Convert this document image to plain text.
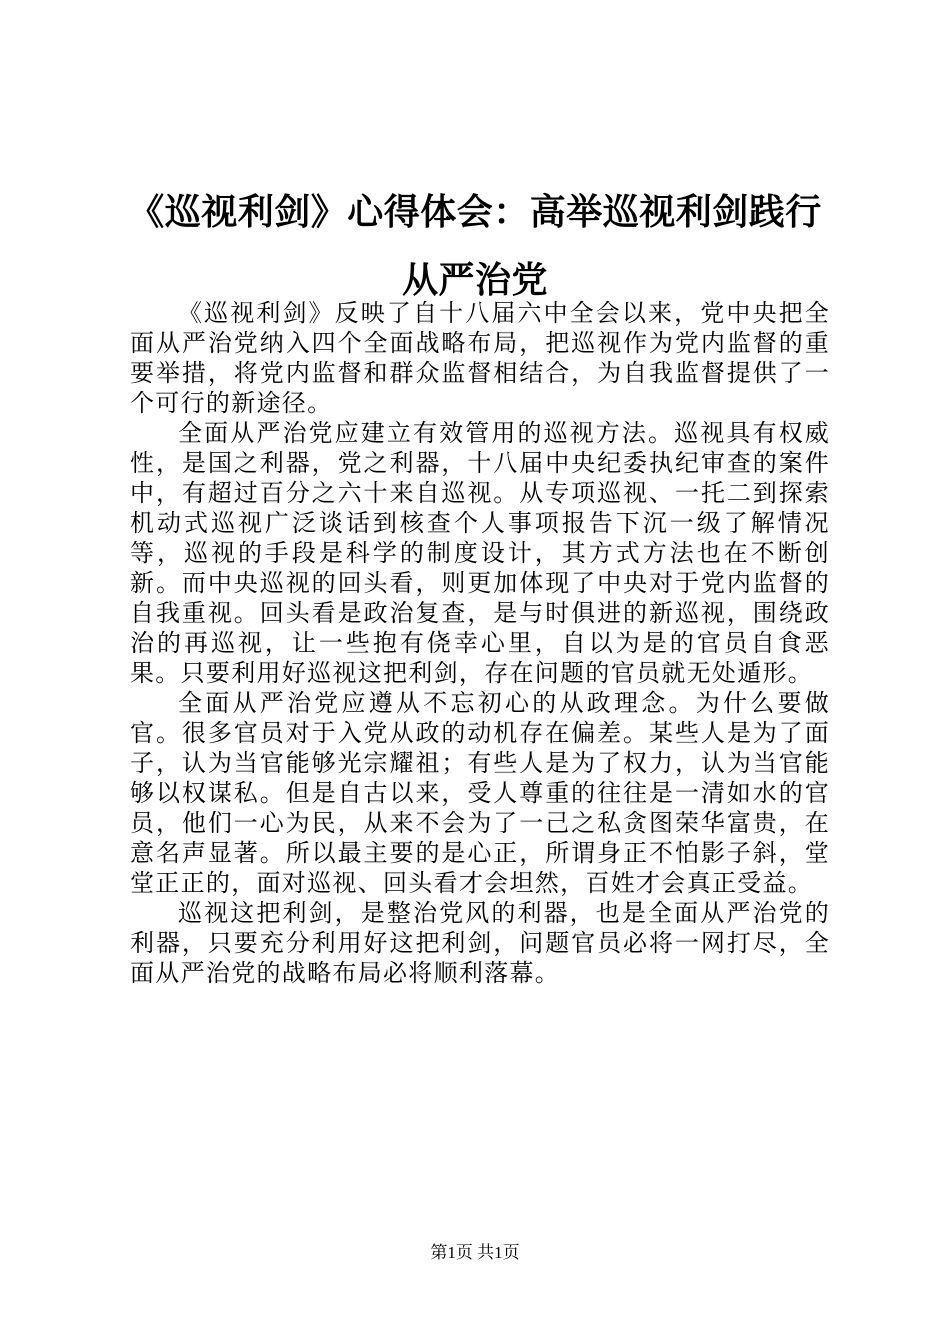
《巡视利剑》心得体会：高举巡视利剑践行从严治党

《巡视利剑》反映了自十八届六中全会以来，党中央把全面从严治党纳入四个全面战略布局，把巡视作为党内监督的重要举措，将党内监督和群众监督相结合，为自我监督提供了一个可行的新途径。

全面从严治党应建立有效管用的巡视方法。巡视具有权威性，是国之利器，党之利器，十八届中央纪委执纪审查的案件中，有超过百分之六十来自巡视。从专项巡视、一托二到探索机动式巡视广泛谈话到核查个人事项报告下沉一级了解情况等，巡视的手段是科学的制度设计，其方式方法也在不断创新。而中央巡视的回头看，则更加体现了中央对于党内监督的自我重视。回头看是政治复查，是与时俱进的新巡视，围绕政治的再巡视，让一些抱有侥幸心里，自以为是的官员自食恶果。只要利用好巡视这把利剑，存在问题的官员就无处遁形。

全面从严治党应遵从不忘初心的从政理念。为什么要做官。很多官员对于入党从政的动机存在偏差。某些人是为了面子，认为当官能够光宗耀祖；有些人是为了权力，认为当官能够以权谋私。但是自古以来，受人尊重的往往是一清如水的官员，他们一心为民，从来不会为了一己之私贪图荣华富贵，在意名声显著。所以最主要的是心正，所谓身正不怕影子斜，堂堂正正的，面对巡视、回头看才会坦然，百姓才会真正受益。

巡视这把利剑，是整治党风的利器，也是全面从严治党的利器，只要充分利用好这把利剑，问题官员必将一网打尽，全面从严治党的战略布局必将顺利落幕。

第1页 共1页
